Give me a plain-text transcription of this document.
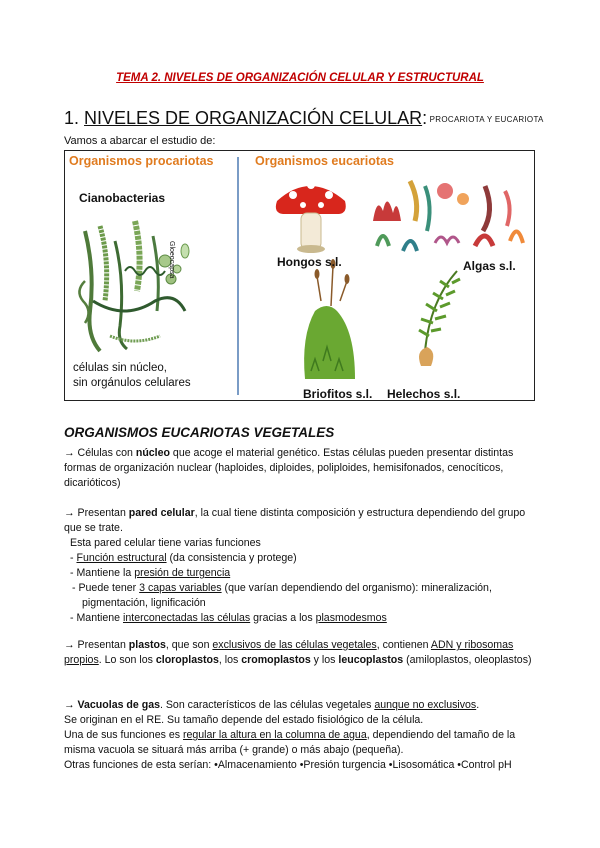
TEMA 2. NIVELES DE ORGANIZACIÓN CELULAR Y ESTRUCTURAL
1. NIVELES DE ORGANIZACIÓN CELULAR: $^{PROCARIOTA Y EUCARIOTA}$
Vamos a abarcar el estudio de:
Organismos procariotas	Organismos eucariotas
Cianobacterias
Gloeocapsa
células sin núcleo,
sin orgánulos celulares
Hongos s.l.	Algas s.l.
Briofitos s.l. Helechos s.l.
ORGANISMOS EUCARIOTAS VEGETALES
→ Células con núcleo que acoge el material genético. Estas células pueden presentar distintas formas de organización nuclear (haploides, diploides, poliploides, hemisifonados, cenocíticos, dicarióticos)
→ Presentan pared celular, la cual tiene distinta composición y estructura dependiendo del grupo que se trate.
Esta pared celular tiene varias funciones
- Función estructural (da consistencia y protege)
- Mantiene la presión de turgencia
- Puede tener 3 capas variables (que varían dependiendo del organismo): mineralización, pigmentación, lignificación
- Mantiene interconectadas las células gracias a los plasmodesmos
→ Presentan plastos, que son exclusivos de las células vegetales, contienen ADN y ribosomas propios. Lo son los cloroplastos, los cromoplastos y los leucoplastos (amiloplastos, oleoplastos)
→ Vacuolas de gas. Son característicos de las células vegetales aunque no exclusivos.
Se originan en el RE. Su tamaño depende del estado fisiológico de la célula.
Una de sus funciones es regular la altura en la columna de agua, dependiendo del tamaño de la misma vacuola se situará más arriba (+ grande) o más abajo (pequeña).
Otras funciones de esta serían: •Almacenamiento •Presión turgencia •Lisosomática •Control pH
